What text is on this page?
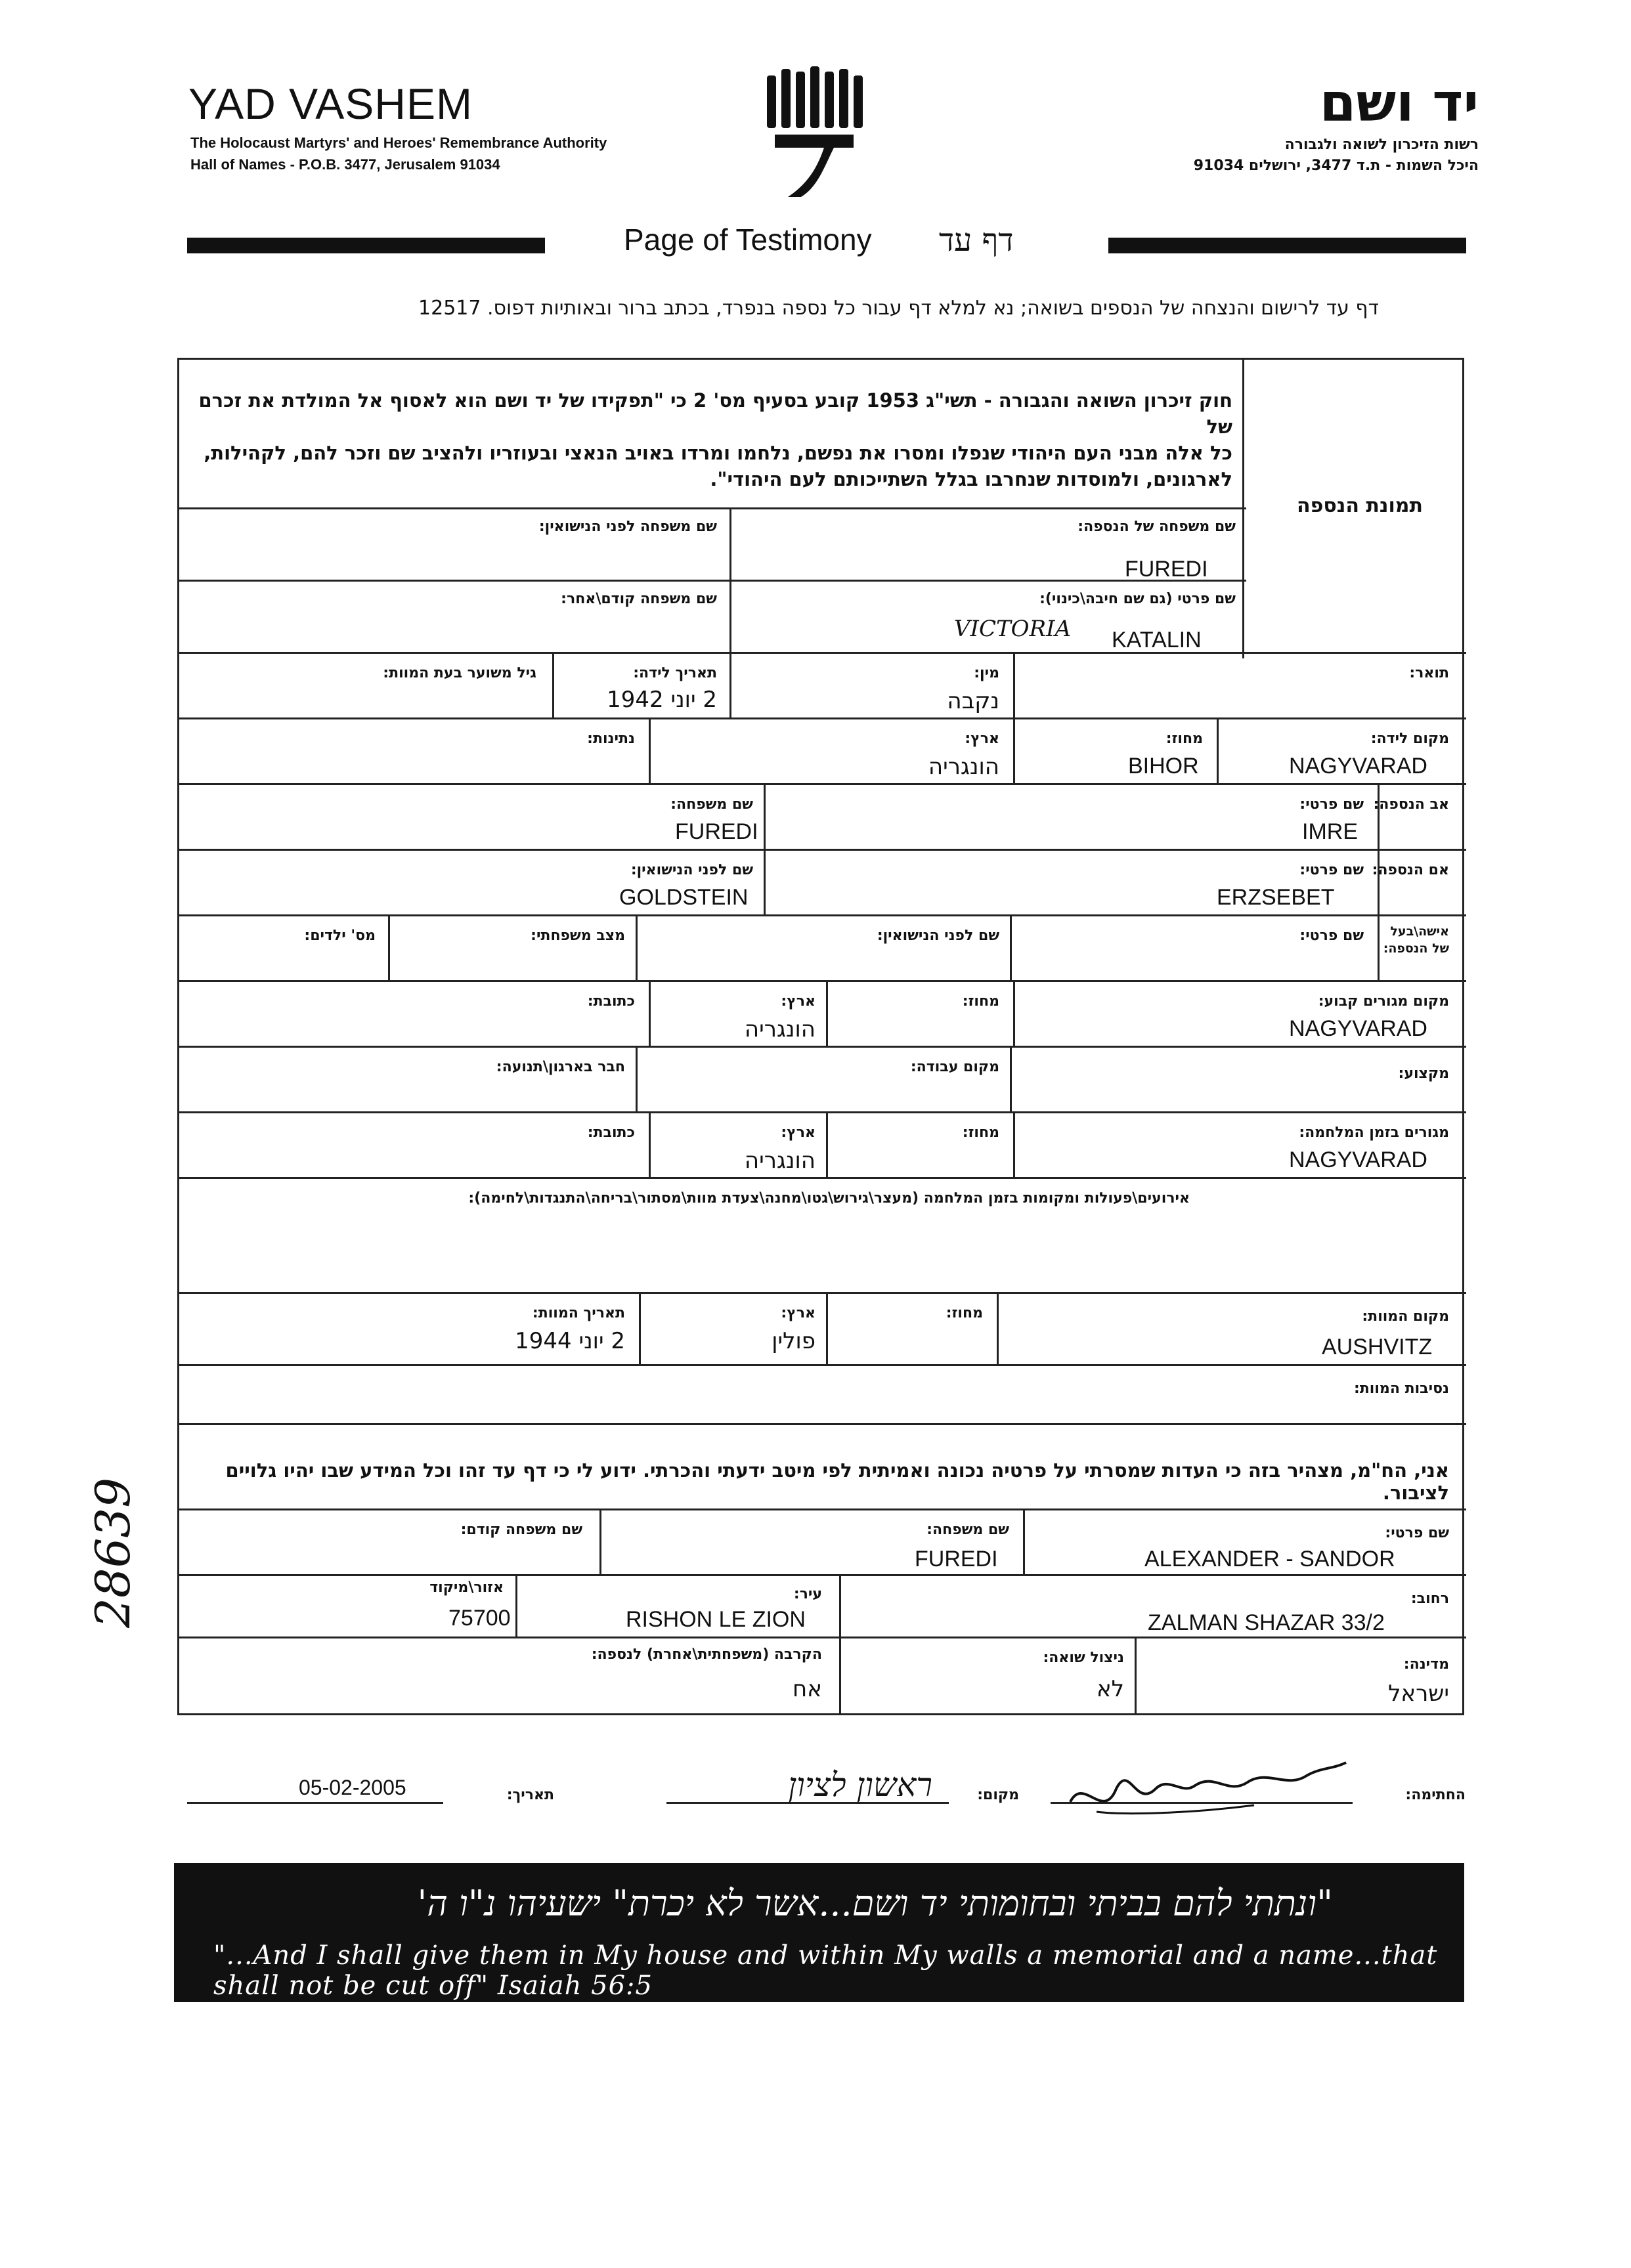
YAD VASHEM
The Holocaust Martyrs' and Heroes' Remembrance Authority
Hall of Names - P.O.B. 3477, Jerusalem 91034
יד ושם
רשות הזיכרון לשואה ולגבורה
היכל השמות - ת.ד 3477, ירושלים 91034
Page of Testimony דף עד
דף עד לרישום והנצחה של הנספים בשואה; נא למלא דף עבור כל נספה בנפרד, בכתב ברור ובאותיות דפוס. 12517
תמונת הנספה
חוק זיכרון השואה והגבורה - תשי"ג 1953 קובע בסעיף מס' 2 כי "תפקידו של יד ושם הוא לאסוף אל המולדת את זכרם של
כל אלה מבני העם היהודי שנפלו ומסרו את נפשם, נלחמו ומרדו באויב הנאצי ובעוזריו ולהציב שם וזכר להם, לקהילות,
לארגונים, ולמוסדות שנחרבו בגלל השתייכותם לעם היהודי".
שם משפחה של הנספה:
FUREDI
שם משפחה לפני הנישואין:
שם פרטי (גם שם חיבה\כינוי):
VICTORIA KATALIN
שם משפחה קודם\אחר:
תואר:
מין:
נקבה
תאריך לידה:
2 יוני 1942
גיל משוער בעת המוות:
מקום לידה:
NAGYVARAD
מחוז:
BIHOR
ארץ:
הונגריה
נתינות:
אב הנספה:
שם פרטי:
IMRE
שם משפחה:
FUREDI
אם הנספה:
שם פרטי:
ERZSEBET
שם לפני הנישואין:
GOLDSTEIN
אישה\בעל
של הנספה:
שם פרטי:
שם לפני הנישואין:
מצב משפחתי:
מס' ילדים:
מקום מגורים קבוע:
NAGYVARAD
מחוז:
ארץ:
הונגריה
כתובת:
מקצוע:
מקום עבודה:
חבר בארגון\תנועה:
מגורים בזמן המלחמה:
NAGYVARAD
מחוז:
ארץ:
הונגריה
כתובת:
אירועים\פעולות ומקומות בזמן המלחמה (מעצר\גירוש\גטו\מחנה\צעדת מוות\מסתור\בריחה\התנגדות\לחימה):
מקום המוות:
AUSHVITZ
מחוז:
ארץ:
פולין
תאריך המוות:
2 יוני 1944
נסיבות המוות:
אני, הח"מ, מצהיר בזה כי העדות שמסרתי על פרטיה נכונה ואמיתית לפי מיטב ידעתי והכרתי. ידוע לי כי דף עד זהו וכל המידע שבו יהיו גלויים לציבור.
שם פרטי:
ALEXANDER - SANDOR
שם משפחה:
FUREDI
שם משפחה קודם:
רחוב:
ZALMAN SHAZAR 33/2
עיר:
RISHON LE ZION
אזור\מיקוד
75700
מדינה:
ישראל
ניצול שואה:
לא
הקרבה (משפחתית\אחרת) לנספה:
אח
החתימה:
מקום:
ראשון לציון
תאריך:
05-02-2005
"ונתתי להם בביתי ובחומותי יד ושם...אשר לא יכרת" ישעיהו נ"ו ה'
"...And I shall give them in My house and within My walls a memorial and a name...that shall not be cut off" Isaiah 56:5
28639
